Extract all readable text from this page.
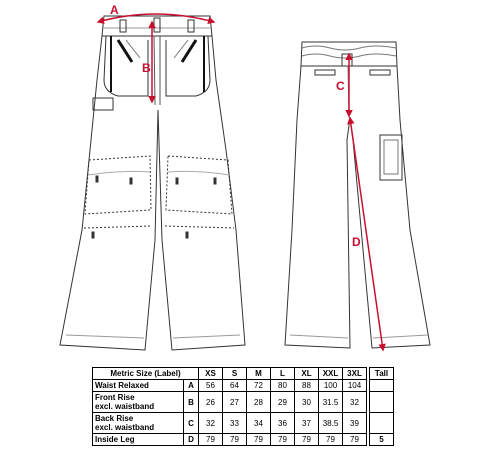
A
B
C
D
Metric Size (Label)		XS	S	M	L	XL	XXL	3XL		Tall
Waist Relaxed	A	56	64	72	80	88	100	104		
Front Rise
excl. waistband	B	26	27	28	29	30	31.5	32		
Back Rise
excl. waistband	C	32	33	34	36	37	38.5	39		
Inside Leg	D	79	79	79	79	79	79	79		5
